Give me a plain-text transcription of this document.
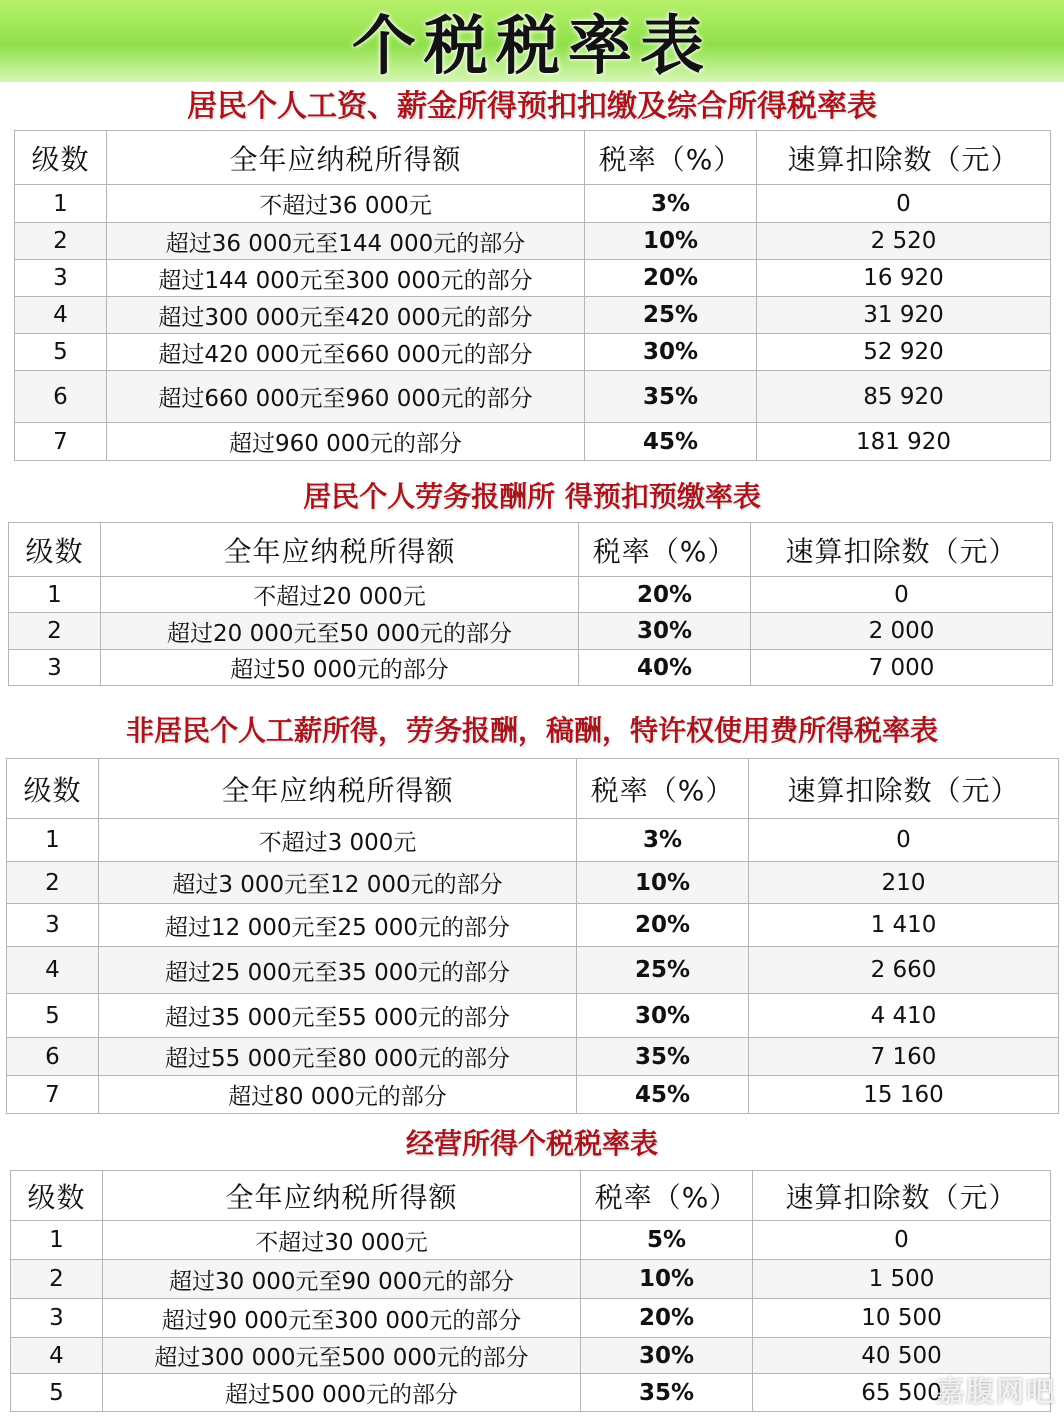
个税税率表
居民个人工资、薪金所得预扣扣缴及综合所得税率表
级数	全年应纳税所得额	税率（%）	速算扣除数（元）
1	不超过36 000元	3%	0
2	超过36 000元至144 000元的部分	10%	2 520
3	超过144 000元至300 000元的部分	20%	16 920
4	超过300 000元至420 000元的部分	25%	31 920
5	超过420 000元至660 000元的部分	30%	52 920
6	超过660 000元至960 000元的部分	35%	85 920
7	超过960 000元的部分	45%	181 920
居民个人劳务报酬所 得预扣预缴率表
级数	全年应纳税所得额	税率（%）	速算扣除数（元）
1	不超过20 000元	20%	0
2	超过20 000元至50 000元的部分	30%	2 000
3	超过50 000元的部分	40%	7 000
非居民个人工薪所得，劳务报酬，稿酬，特许权使用费所得税率表
级数	全年应纳税所得额	税率（%）	速算扣除数（元）
1	不超过3 000元	3%	0
2	超过3 000元至12 000元的部分	10%	210
3	超过12 000元至25 000元的部分	20%	1 410
4	超过25 000元至35 000元的部分	25%	2 660
5	超过35 000元至55 000元的部分	30%	4 410
6	超过55 000元至80 000元的部分	35%	7 160
7	超过80 000元的部分	45%	15 160
经营所得个税税率表
级数	全年应纳税所得额	税率（%）	速算扣除数（元）
1	不超过30 000元	5%	0
2	超过30 000元至90 000元的部分	10%	1 500
3	超过90 000元至300 000元的部分	20%	10 500
4	超过300 000元至500 000元的部分	30%	40 500
5	超过500 000元的部分	35%	65 500
嘉腹网吧
